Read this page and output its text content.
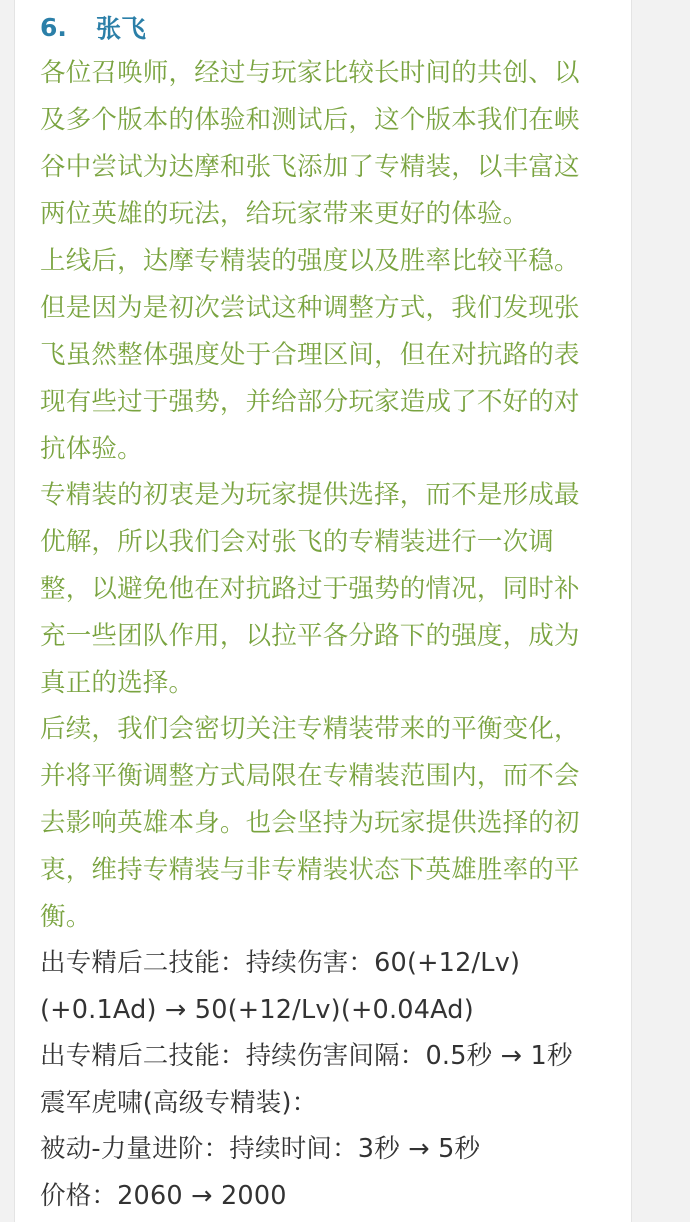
6.	张飞
各位召唤师，经过与玩家比较长时间的共创、以
及多个版本的体验和测试后，这个版本我们在峡
谷中尝试为达摩和张飞添加了专精装，以丰富这
两位英雄的玩法，给玩家带来更好的体验。
上线后，达摩专精装的强度以及胜率比较平稳。
但是因为是初次尝试这种调整方式，我们发现张
飞虽然整体强度处于合理区间，但在对抗路的表
现有些过于强势，并给部分玩家造成了不好的对
抗体验。
专精装的初衷是为玩家提供选择，而不是形成最
优解，所以我们会对张飞的专精装进行一次调
整，以避免他在对抗路过于强势的情况，同时补
充一些团队作用，以拉平各分路下的强度，成为
真正的选择。
后续，我们会密切关注专精装带来的平衡变化，
并将平衡调整方式局限在专精装范围内，而不会
去影响英雄本身。也会坚持为玩家提供选择的初
衷，维持专精装与非专精装状态下英雄胜率的平
衡。
出专精后二技能：持续伤害：60(+12/Lv)
(+0.1Ad) → 50(+12/Lv)(+0.04Ad)
出专精后二技能：持续伤害间隔：0.5秒 → 1秒
震军虎啸(高级专精装)：
被动-力量进阶：持续时间：3秒 → 5秒
价格：2060 → 2000
